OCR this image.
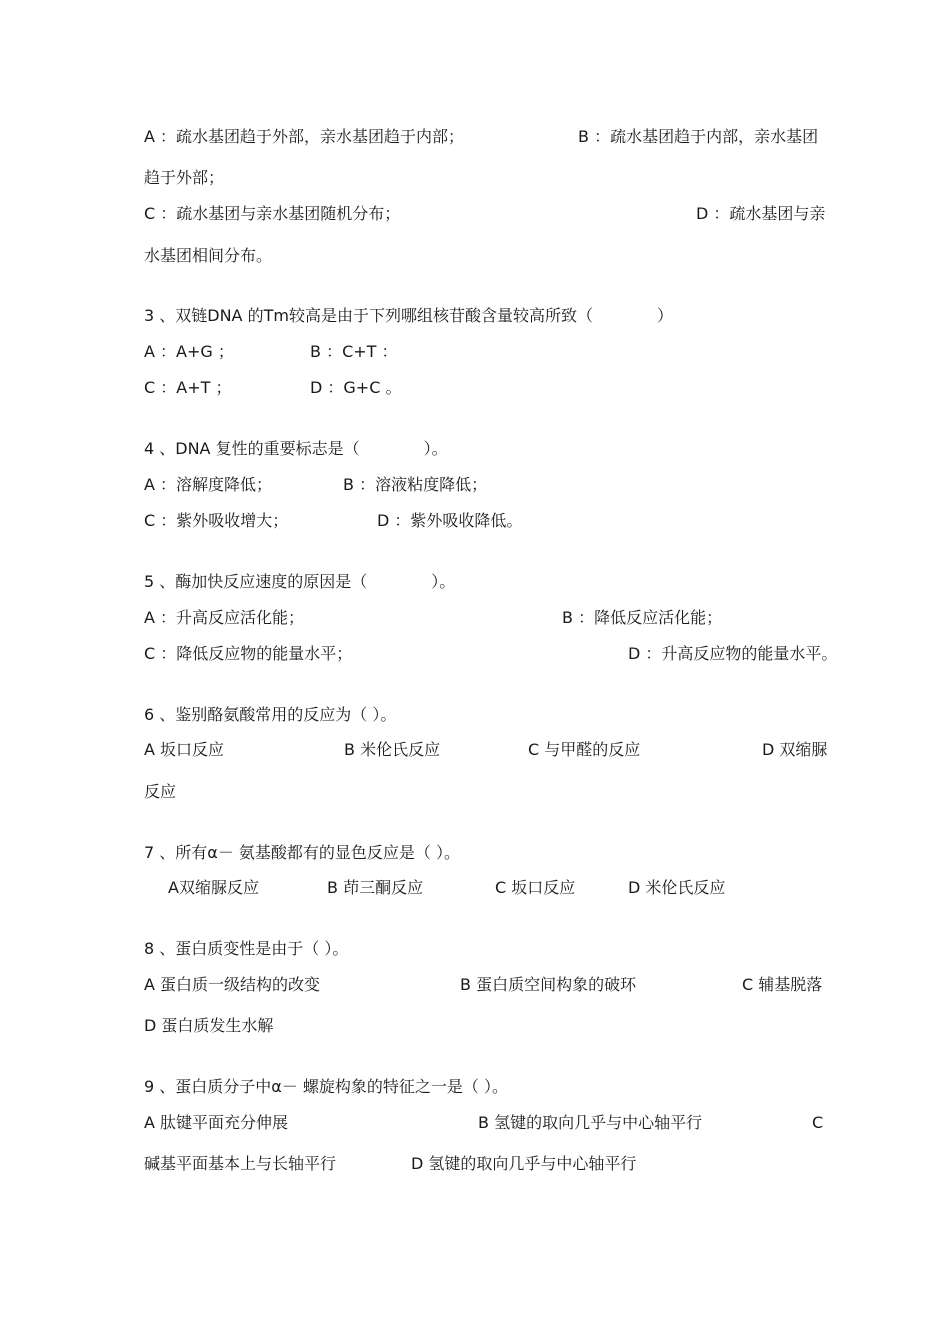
A ：疏水基团趋于外部，亲水基团趋于内部；	B ：疏水基团趋于内部，亲水基团
趋于外部；
C ：疏水基团与亲水基团随机分布；	D ：疏水基团与亲
水基团相间分布。
3 、双链DNA 的Tm较高是由于下列哪组核苷酸含量较高所致（　　　　）
A ：A+G ；	B ：C+T ：
C ：A+T ；	D ：G+C 。
4 、DNA 复性的重要标志是（　　　　）。
A ：溶解度降低；	B ：溶液粘度降低；
C ：紫外吸收增大；	D ：紫外吸收降低。
5 、酶加快反应速度的原因是（　　　　）。
A ：升高反应活化能；	B ：降低反应活化能；
C ：降低反应物的能量水平；	D ：升高反应物的能量水平。
6 、鉴别酪氨酸常用的反应为（ ）。
A 坂口反应	B 米伦氏反应	C 与甲醛的反应	D 双缩脲
反应
7 、所有α－ 氨基酸都有的显色反应是（ ）。
A双缩脲反应	B 茚三酮反应	C 坂口反应	D 米伦氏反应
8 、蛋白质变性是由于（ ）。
A 蛋白质一级结构的改变	B 蛋白质空间构象的破环	C 辅基脱落
D 蛋白质发生水解
9 、蛋白质分子中α－ 螺旋构象的特征之一是（ ）。
A 肽键平面充分伸展	B 氢键的取向几乎与中心轴平行	C
碱基平面基本上与长轴平行	D 氢键的取向几乎与中心轴平行
